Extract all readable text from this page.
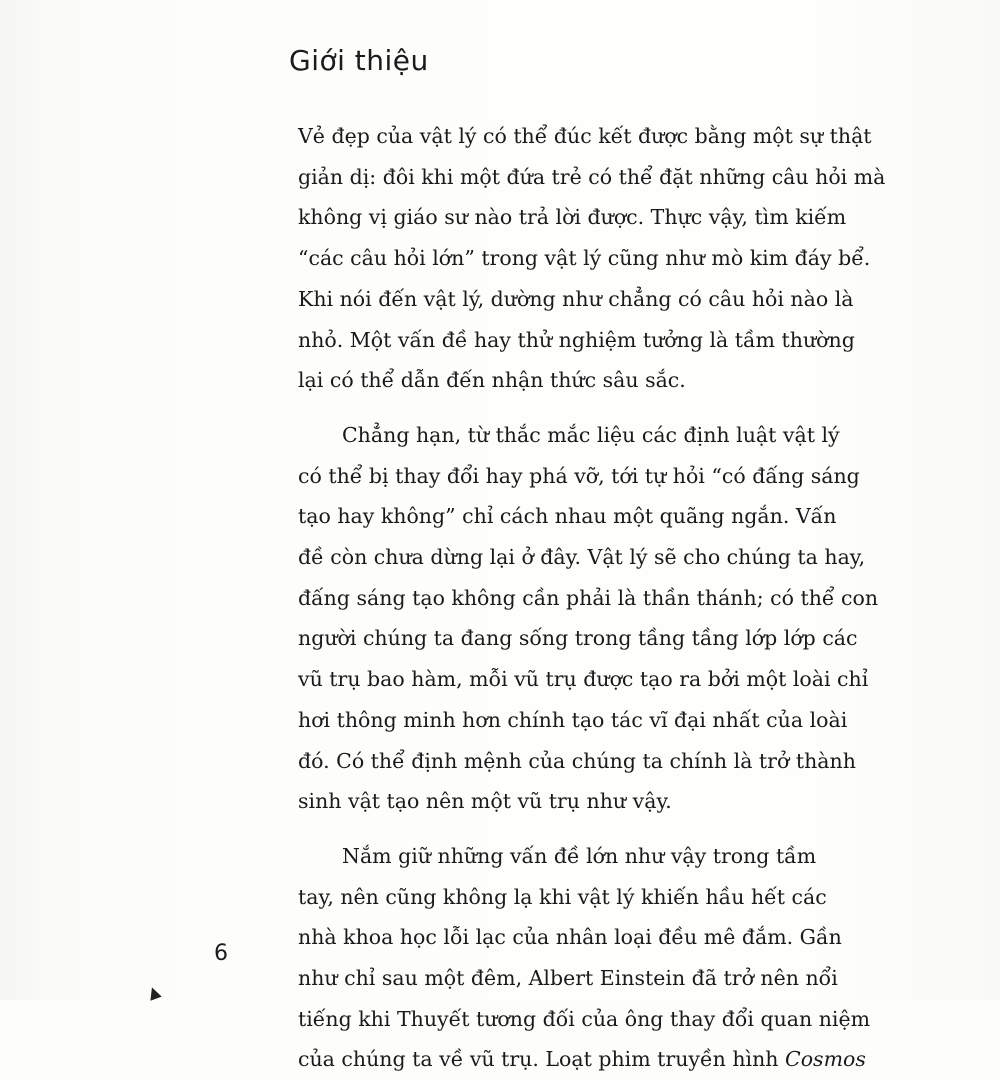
Giới thiệu

Vẻ đẹp của vật lý có thể đúc kết được bằng một sự thật
giản dị: đôi khi một đứa trẻ có thể đặt những câu hỏi mà
không vị giáo sư nào trả lời được. Thực vậy, tìm kiếm
“các câu hỏi lớn” trong vật lý cũng như mò kim đáy bể.
Khi nói đến vật lý, dường như chẳng có câu hỏi nào là
nhỏ. Một vấn đề hay thử nghiệm tưởng là tầm thường
lại có thể dẫn đến nhận thức sâu sắc.

Chẳng hạn, từ thắc mắc liệu các định luật vật lý
có thể bị thay đổi hay phá vỡ, tới tự hỏi “có đấng sáng
tạo hay không” chỉ cách nhau một quãng ngắn. Vấn
đề còn chưa dừng lại ở đây. Vật lý sẽ cho chúng ta hay,
đấng sáng tạo không cần phải là thần thánh; có thể con
người chúng ta đang sống trong tầng tầng lớp lớp các
vũ trụ bao hàm, mỗi vũ trụ được tạo ra bởi một loài chỉ
hơi thông minh hơn chính tạo tác vĩ đại nhất của loài
đó. Có thể định mệnh của chúng ta chính là trở thành
sinh vật tạo nên một vũ trụ như vậy.

Nắm giữ những vấn đề lớn như vậy trong tầm
tay, nên cũng không lạ khi vật lý khiến hầu hết các
nhà khoa học lỗi lạc của nhân loại đều mê đắm. Gần
như chỉ sau một đêm, Albert Einstein đã trở nên nổi
tiếng khi Thuyết tương đối của ông thay đổi quan niệm
của chúng ta về vũ trụ. Loạt phim truyền hình Cosmos

6
